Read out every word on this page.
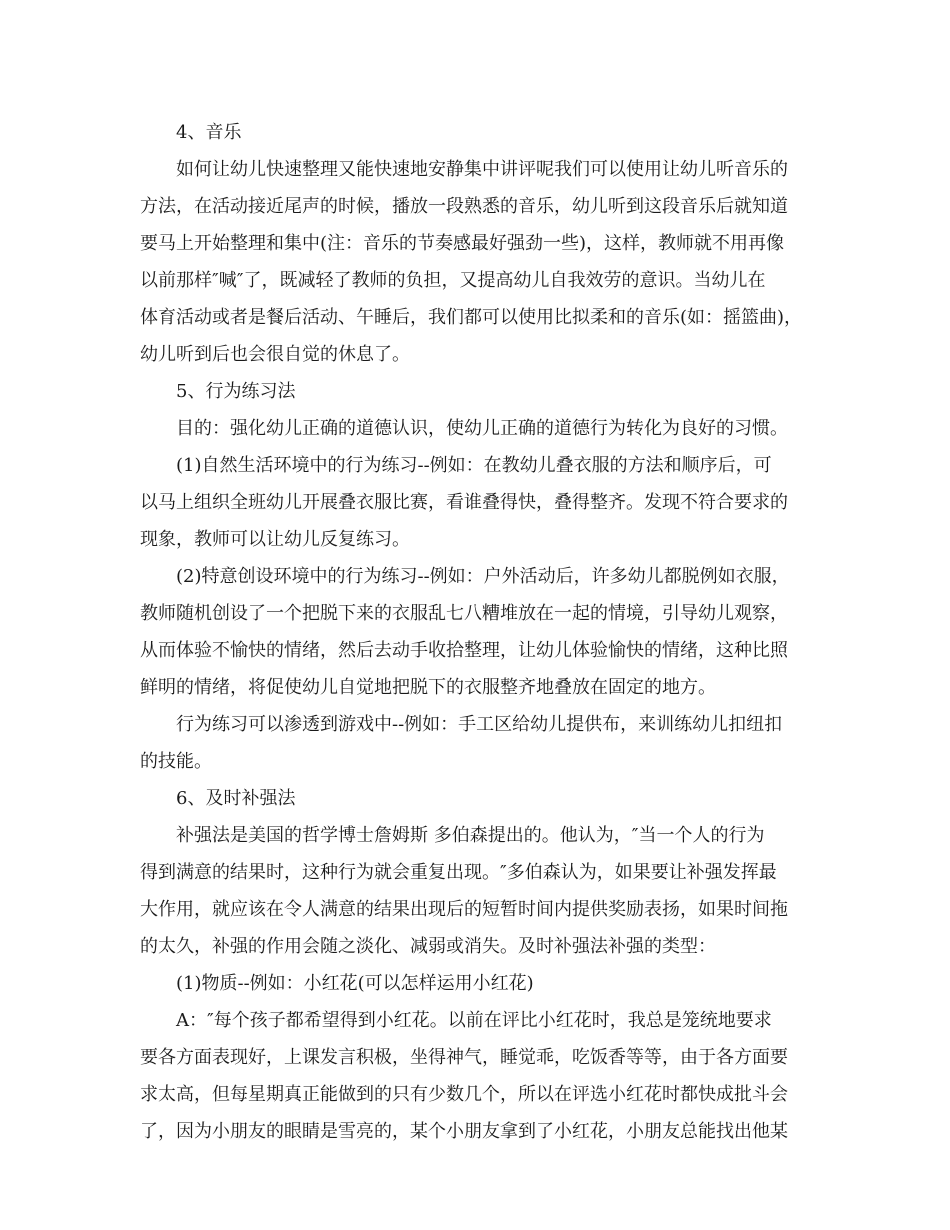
4、音乐

如何让幼儿快速整理又能快速地安静集中讲评呢我们可以使用让幼儿听音乐的

方法，在活动接近尾声的时候，播放一段熟悉的音乐，幼儿听到这段音乐后就知道

要马上开始整理和集中(注：音乐的节奏感最好强劲一些)，这样，教师就不用再像

以前那样″喊″了，既减轻了教师的负担，又提高幼儿自我效劳的意识。当幼儿在

体育活动或者是餐后活动、午睡后，我们都可以使用比拟柔和的音乐(如：摇篮曲)，

幼儿听到后也会很自觉的休息了。

5、行为练习法

目的：强化幼儿正确的道德认识，使幼儿正确的道德行为转化为良好的习惯。

(1)自然生活环境中的行为练习--例如：在教幼儿叠衣服的方法和顺序后，可

以马上组织全班幼儿开展叠衣服比赛，看谁叠得快，叠得整齐。发现不符合要求的

现象，教师可以让幼儿反复练习。

(2)特意创设环境中的行为练习--例如：户外活动后，许多幼儿都脱例如衣服，

教师随机创设了一个把脱下来的衣服乱七八糟堆放在一起的情境，引导幼儿观察，

从而体验不愉快的情绪，然后去动手收拾整理，让幼儿体验愉快的情绪，这种比照

鲜明的情绪，将促使幼儿自觉地把脱下的衣服整齐地叠放在固定的地方。

行为练习可以渗透到游戏中--例如：手工区给幼儿提供布，来训练幼儿扣纽扣

的技能。

6、及时补强法

补强法是美国的哲学博士詹姆斯 多伯森提出的。他认为，″当一个人的行为

得到满意的结果时，这种行为就会重复出现。″多伯森认为，如果要让补强发挥最

大作用，就应该在令人满意的结果出现后的短暂时间内提供奖励表扬，如果时间拖

的太久，补强的作用会随之淡化、减弱或消失。及时补强法补强的类型：

(1)物质--例如：小红花(可以怎样运用小红花)

A：″每个孩子都希望得到小红花。以前在评比小红花时，我总是笼统地要求

要各方面表现好，上课发言积极，坐得神气，睡觉乖，吃饭香等等，由于各方面要

求太高，但每星期真正能做到的只有少数几个，所以在评选小红花时都快成批斗会

了，因为小朋友的眼睛是雪亮的，某个小朋友拿到了小红花，小朋友总能找出他某
